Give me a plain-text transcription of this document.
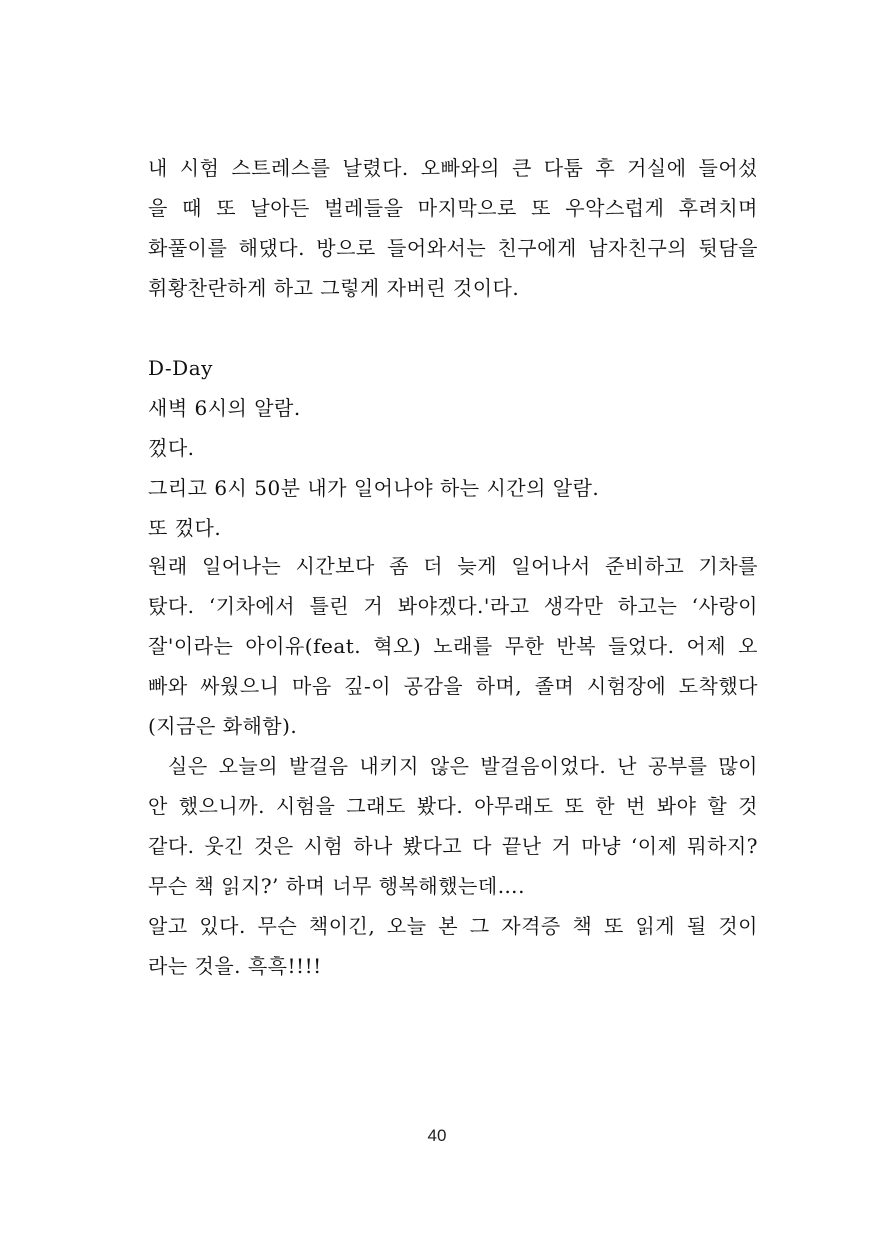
내 시험 스트레스를 날렸다. 오빠와의 큰 다툼 후 거실에 들어섰
을 때 또 날아든 벌레들을 마지막으로 또 우악스럽게 후려치며
화풀이를 해댔다. 방으로 들어와서는 친구에게 남자친구의 뒷담을
휘황찬란하게 하고 그렇게 자버린 것이다.
D-Day
새벽 6시의 알람.
껐다.
그리고 6시 50분 내가 일어나야 하는 시간의 알람.
또 껐다.
원래 일어나는 시간보다 좀 더 늦게 일어나서 준비하고 기차를
탔다. ‘기차에서 틀린 거 봐야겠다.'라고 생각만 하고는 ‘사랑이
잘'이라는 아이유(feat. 혁오) 노래를 무한 반복 들었다. 어제 오
빠와 싸웠으니 마음 깊-이 공감을 하며, 졸며 시험장에 도착했다
(지금은 화해함).
실은 오늘의 발걸음 내키지 않은 발걸음이었다. 난 공부를 많이
안 했으니까. 시험을 그래도 봤다. 아무래도 또 한 번 봐야 할 것
같다. 웃긴 것은 시험 하나 봤다고 다 끝난 거 마냥 ‘이제 뭐하지?
무슨 책 읽지?’ 하며 너무 행복해했는데….
알고 있다. 무슨 책이긴, 오늘 본 그 자격증 책 또 읽게 될 것이
라는 것을. 흑흑!!!!
40
